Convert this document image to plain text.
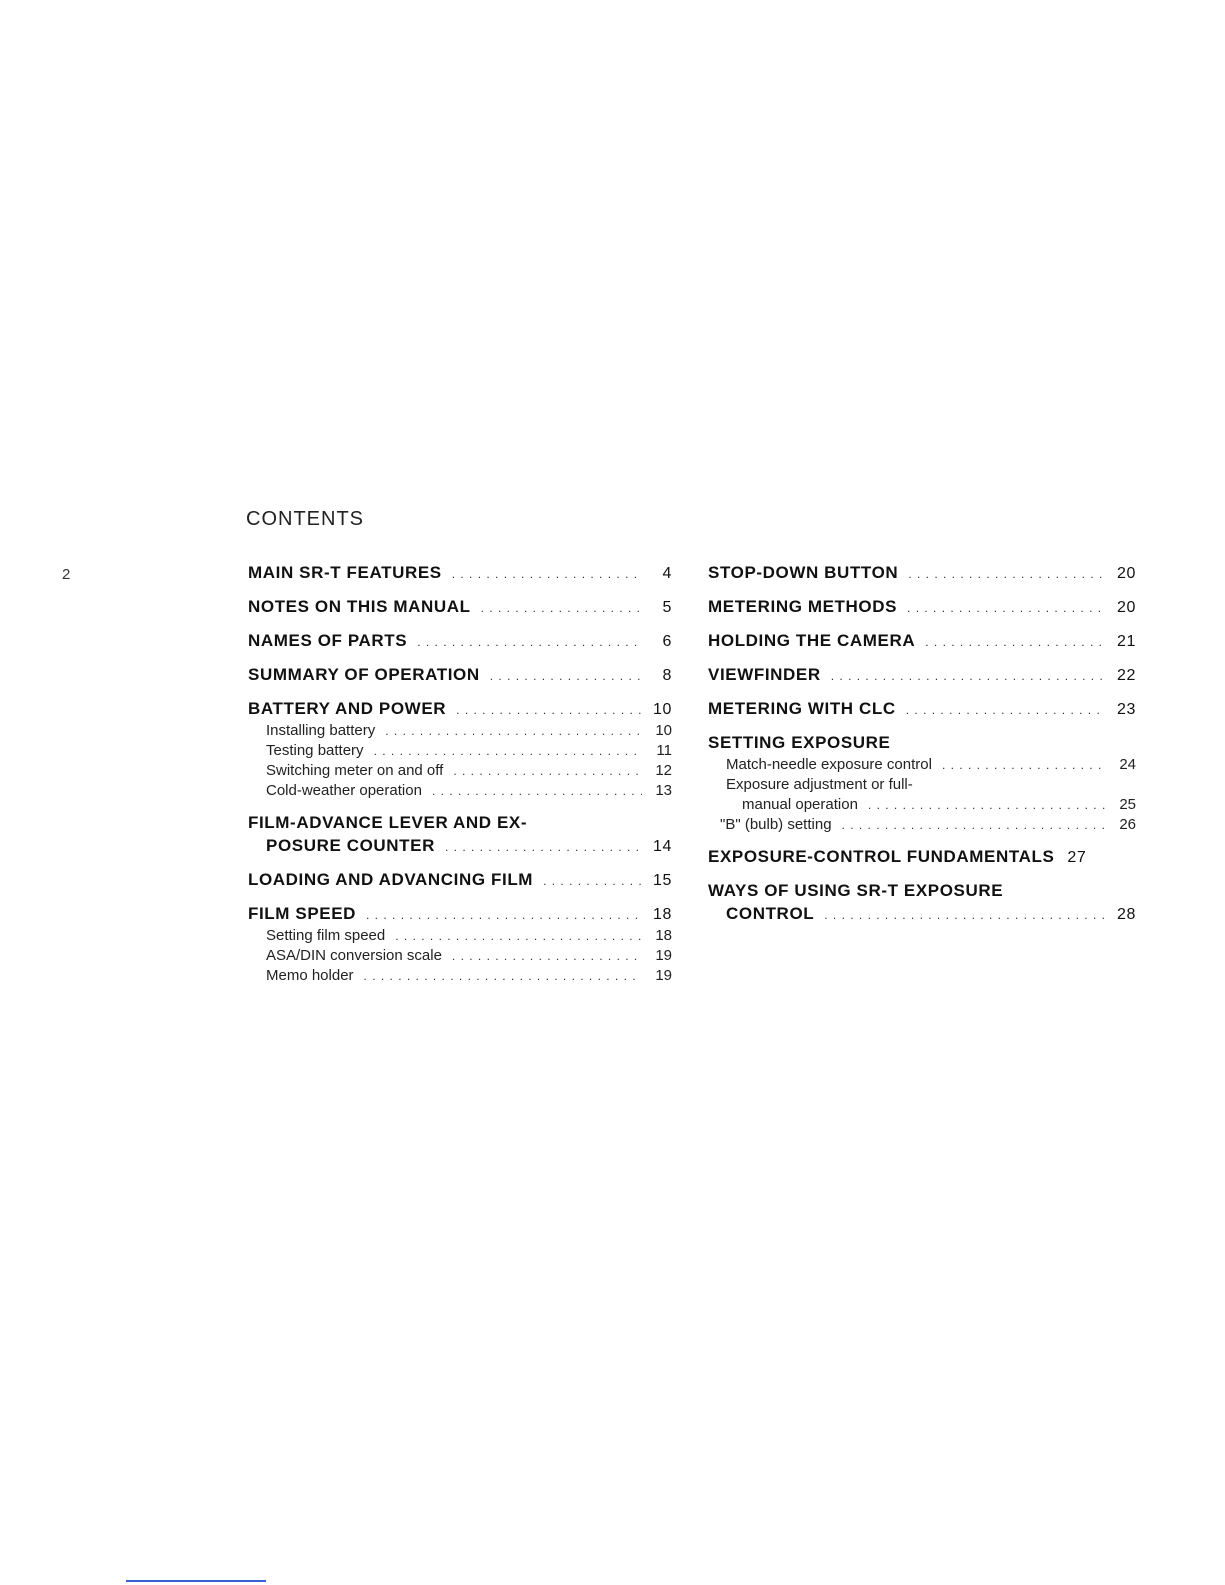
2
CONTENTS
MAIN SR-T FEATURES . . .	4
NOTES ON THIS MANUAL . . .	5
NAMES OF PARTS . . .	6
SUMMARY OF OPERATION . . .	8
BATTERY AND POWER . . .	10
Installing battery . . .	10
Testing battery . . .	11
Switching meter on and off . . .	12
Cold-weather operation . . .	13
FILM-ADVANCE LEVER AND EX-
POSURE COUNTER . . .	14
LOADING AND ADVANCING FILM . . .	15
FILM SPEED . . .	18
Setting film speed . . .	18
ASA/DIN conversion scale . . .	19
Memo holder . . .	19
STOP-DOWN BUTTON . . .	20
METERING METHODS . . .	20
HOLDING THE CAMERA . . .	21
VIEWFINDER . . .	22
METERING WITH CLC . . .	23
SETTING EXPOSURE
Match-needle exposure control . . .	24
Exposure adjustment or full-
manual operation . . .	25
"B" (bulb) setting . . .	26
EXPOSURE-CONTROL FUNDAMENTALS 27
WAYS OF USING SR-T EXPOSURE
CONTROL . . .	28
